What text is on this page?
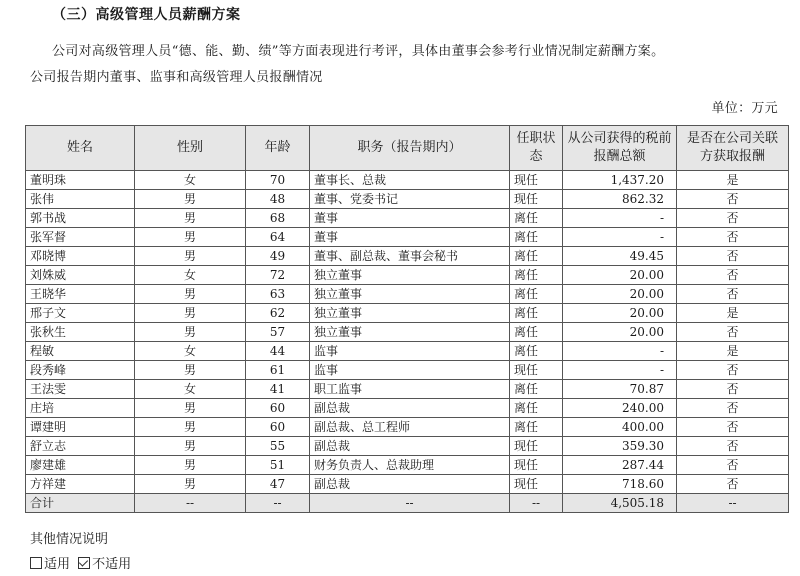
（三）高级管理人员薪酬方案
公司对高级管理人员“德、能、勤、绩”等方面表现进行考评，具体由董事会参考行业情况制定薪酬方案。
公司报告期内董事、监事和高级管理人员报酬情况
单位：万元
姓名	性别	年龄	职务（报告期内）	任职状态	从公司获得的税前报酬总额	是否在公司关联方获取报酬
董明珠	女	70	董事长、总裁	现任	1,437.20	是
张伟	男	48	董事、党委书记	现任	862.32	否
郭书战	男	68	董事	离任	-	否
张军督	男	64	董事	离任	-	否
邓晓博	男	49	董事、副总裁、董事会秘书	离任	49.45	否
刘姝威	女	72	独立董事	离任	20.00	否
王晓华	男	63	独立董事	离任	20.00	否
邢子文	男	62	独立董事	离任	20.00	是
张秋生	男	57	独立董事	离任	20.00	否
程敏	女	44	监事	离任	-	是
段秀峰	男	61	监事	现任	-	否
王法雯	女	41	职工监事	离任	70.87	否
庄培	男	60	副总裁	离任	240.00	否
谭建明	男	60	副总裁、总工程师	离任	400.00	否
舒立志	男	55	副总裁	现任	359.30	否
廖建雄	男	51	财务负责人、总裁助理	现任	287.44	否
方祥建	男	47	副总裁	现任	718.60	否
合计	--	--	--	--	4,505.18	--
其他情况说明
适用 不适用
